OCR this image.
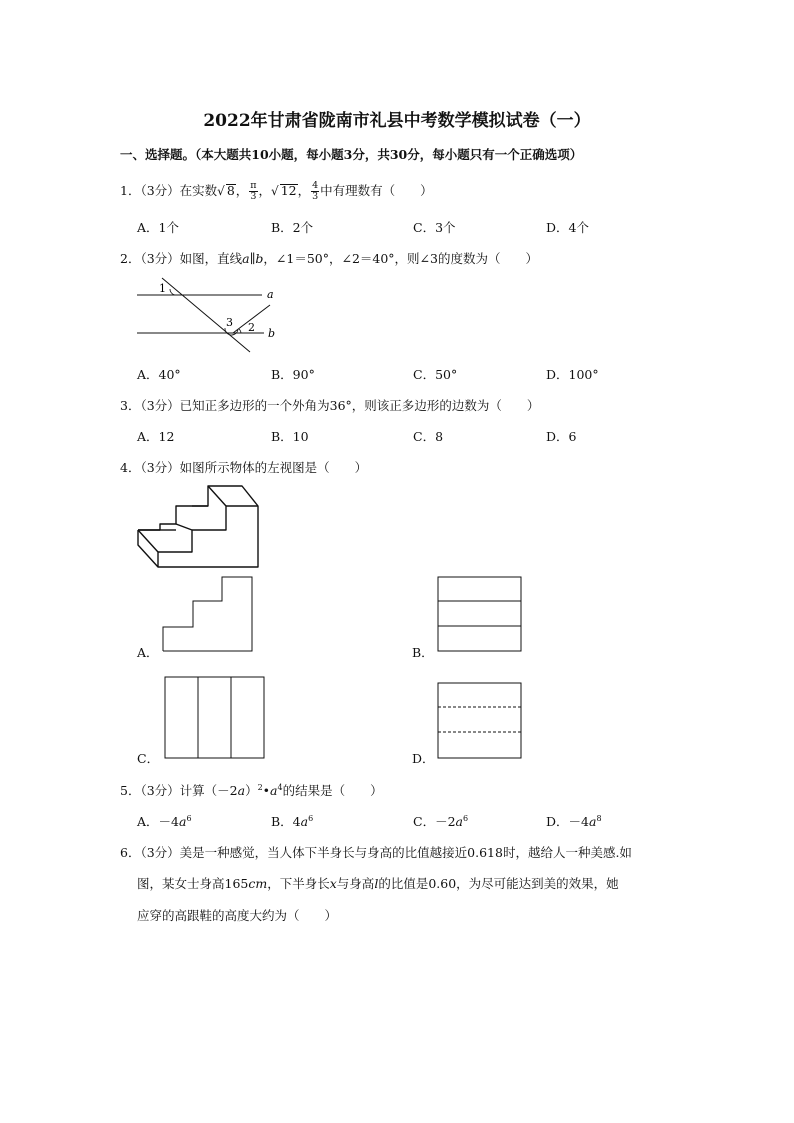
2022年甘肃省陇南市礼县中考数学模拟试卷（一）
一、选择题。（本大题共10小题，每小题3分，共30分，每小题只有一个正确选项）
1．（3分）在实数√ 8， $\frac{\pi}{3}$ ，√ 12， $\frac{4}{3}$ 中有理数有（　　）
A．1个	B．2个	C．3个	D．4个
2．（3分）如图，直线a∥b，∠1＝50°，∠2＝40°，则∠3的度数为（　　）
1
3 2
a
b
A．40°	B．90°	C．50°	D．100°
3．（3分）已知正多边形的一个外角为36°，则该正多边形的边数为（　　）
A．12	B．10	C．8	D．6
4．（3分）如图所示物体的左视图是（　　）
A．	B．
C．	D．
5．（3分）计算$(-2a)^2•a^4$的结果是（　　）
A．$-4a^6$	B．$4a^6$	C．$-2a^6$	D．$-4a^8$
6．（3分）美是一种感觉，当人体下半身长与身高的比值越接近0.618时，越给人一种美感.如
图，某女士身高165cm，下半身长x与身高l的比值是0.60，为尽可能达到美的效果，她
应穿的高跟鞋的高度大约为（　　）
